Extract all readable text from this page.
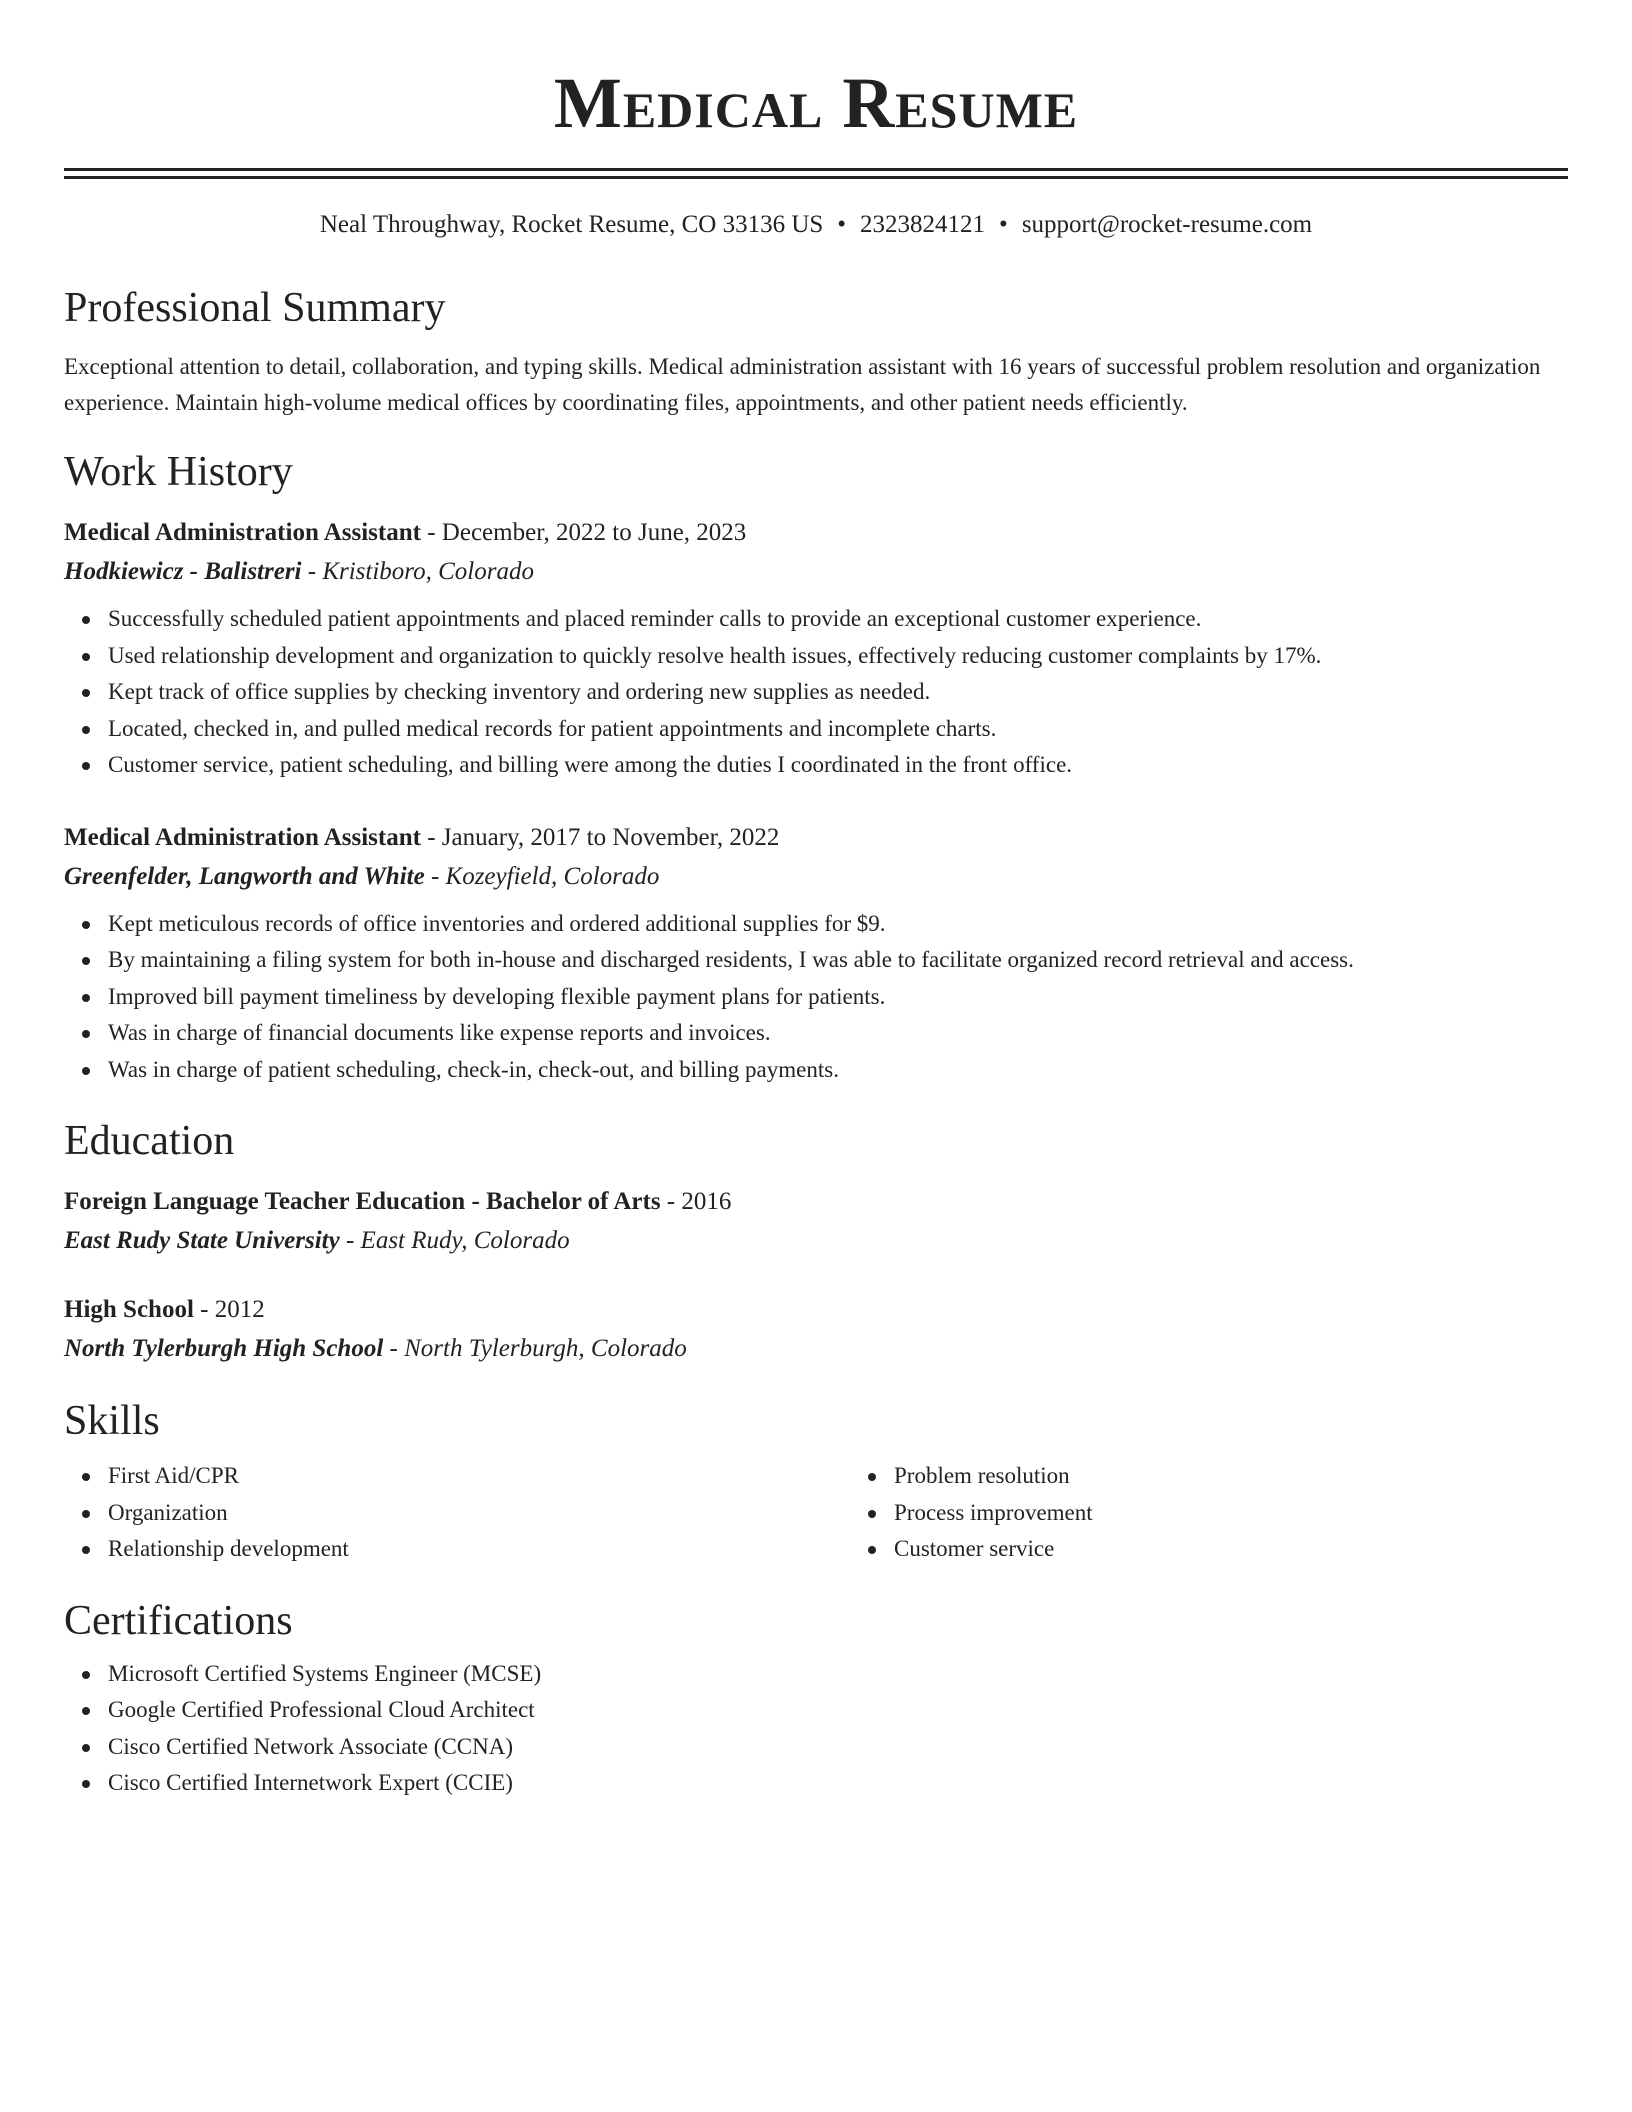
Medical Resume
Neal Throughway, Rocket Resume, CO 33136 US • 2323824121 • support@rocket-resume.com
Professional Summary
Exceptional attention to detail, collaboration, and typing skills. Medical administration assistant with 16 years of successful problem resolution and organization experience. Maintain high-volume medical offices by coordinating files, appointments, and other patient needs efficiently.
Work History
Medical Administration Assistant - December, 2022 to June, 2023
Hodkiewicz - Balistreri - Kristiboro, Colorado
Successfully scheduled patient appointments and placed reminder calls to provide an exceptional customer experience.
Used relationship development and organization to quickly resolve health issues, effectively reducing customer complaints by 17%.
Kept track of office supplies by checking inventory and ordering new supplies as needed.
Located, checked in, and pulled medical records for patient appointments and incomplete charts.
Customer service, patient scheduling, and billing were among the duties I coordinated in the front office.
Medical Administration Assistant - January, 2017 to November, 2022
Greenfelder, Langworth and White - Kozeyfield, Colorado
Kept meticulous records of office inventories and ordered additional supplies for $9.
By maintaining a filing system for both in-house and discharged residents, I was able to facilitate organized record retrieval and access.
Improved bill payment timeliness by developing flexible payment plans for patients.
Was in charge of financial documents like expense reports and invoices.
Was in charge of patient scheduling, check-in, check-out, and billing payments.
Education
Foreign Language Teacher Education - Bachelor of Arts - 2016
East Rudy State University - East Rudy, Colorado
High School - 2012
North Tylerburgh High School - North Tylerburgh, Colorado
Skills
First Aid/CPR
Organization
Relationship development
Problem resolution
Process improvement
Customer service
Certifications
Microsoft Certified Systems Engineer (MCSE)
Google Certified Professional Cloud Architect
Cisco Certified Network Associate (CCNA)
Cisco Certified Internetwork Expert (CCIE)
